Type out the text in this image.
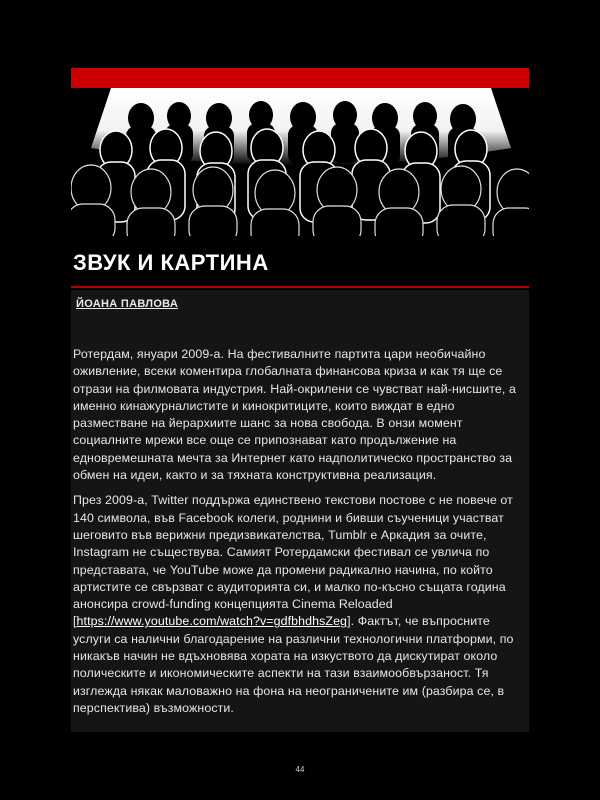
ЗВУК И КАРТИНА
ЙОАНА ПАВЛОВА

Ротердам, януари 2009-а. На фестивалните партита цари необичайно оживление, всеки коментира глобалната финансова криза и как тя ще се отрази на филмовата индустрия. Най-окрилени се чувстват най-нисшите, а именно кинажурналистите и кинокритиците, които виждат в едно разместване на йерархиите шанс за нова свобода. В онзи момент социалните мрежи все още се припознават като продължение на едновремешната мечта за Интернет като надполитическо пространство за обмен на идеи, както и за тяхната конструктивна реализация.

През 2009-а, Twitter поддържа единствено текстови постове с не повече от 140 символа, във Facebook колеги, роднини и бивши съученици участват шеговито във верижни предизвикателства, Tumblr е Аркадия за очите, Instagram не съществува. Самият Ротердамски фестивал се увлича по представата, че YouTube може да промени радикално начина, по който артистите се свързват с аудиторията си, и малко по-късно същата година анонсира crowd-funding концепцията Cinema Reloaded [https://www.youtube.com/watch?v=gdfbhdhsZeg]. Фактът, че въпросните услуги са налични благодарение на различни технологични платформи, по никакъв начин не вдъхновява хората на изкуството да дискутират около полическите и икономическите аспекти на тази взаимообвързаност. Тя изглежда някак маловажно на фона на неограничените им (разбира се, в перспектива) възможности.

44
